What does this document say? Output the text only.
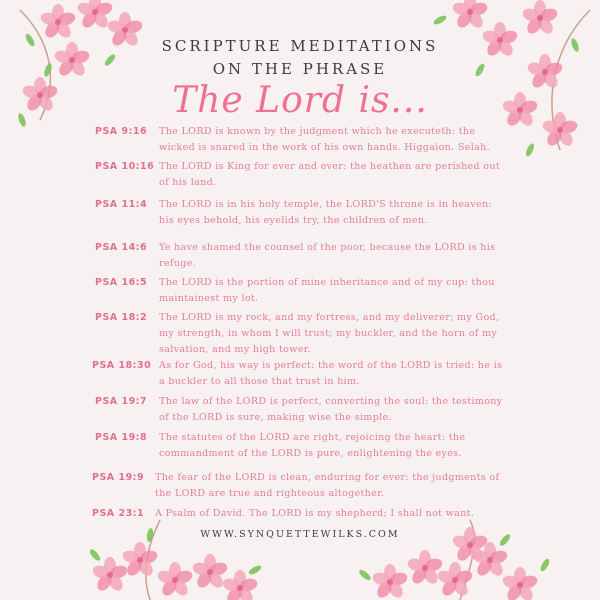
SCRIPTURE MEDITATIONS
ON THE PHRASE
The Lord is...
PSA 9:16	The LORD is known by the judgment which he executeth: the wicked is snared in the work of his own hands. Higgaion. Selah.
PSA 10:16 The LORD is King for ever and ever: the heathen are perished out of his land.
PSA 11:4	The LORD is in his holy temple, the LORD'S throne is in heaven: his eyes behold, his eyelids try, the children of men.
PSA 14:6	Ye have shamed the counsel of the poor, because the LORD is his refuge.
PSA 16:5	The LORD is the portion of mine inheritance and of my cup: thou maintainest my lot.
PSA 18:2	The LORD is my rock, and my fortress, and my deliverer; my God, my strength, in whom I will trust; my buckler, and the horn of my salvation, and my high tower.
PSA 18:30 As for God, his way is perfect: the word of the LORD is tried: he is a buckler to all those that trust in him.
PSA 19:7	The law of the LORD is perfect, converting the soul: the testimony of the LORD is sure, making wise the simple.
PSA 19:8	The statutes of the LORD are right, rejoicing the heart: the commandment of the LORD is pure, enlightening the eyes.
PSA 19:9	The fear of the LORD is clean, enduring for ever: the judgments of the LORD are true and righteous altogether.
PSA 23:1	A Psalm of David. The LORD is my shepherd; I shall not want.
WWW.SYNQUETTEWILKS.COM
